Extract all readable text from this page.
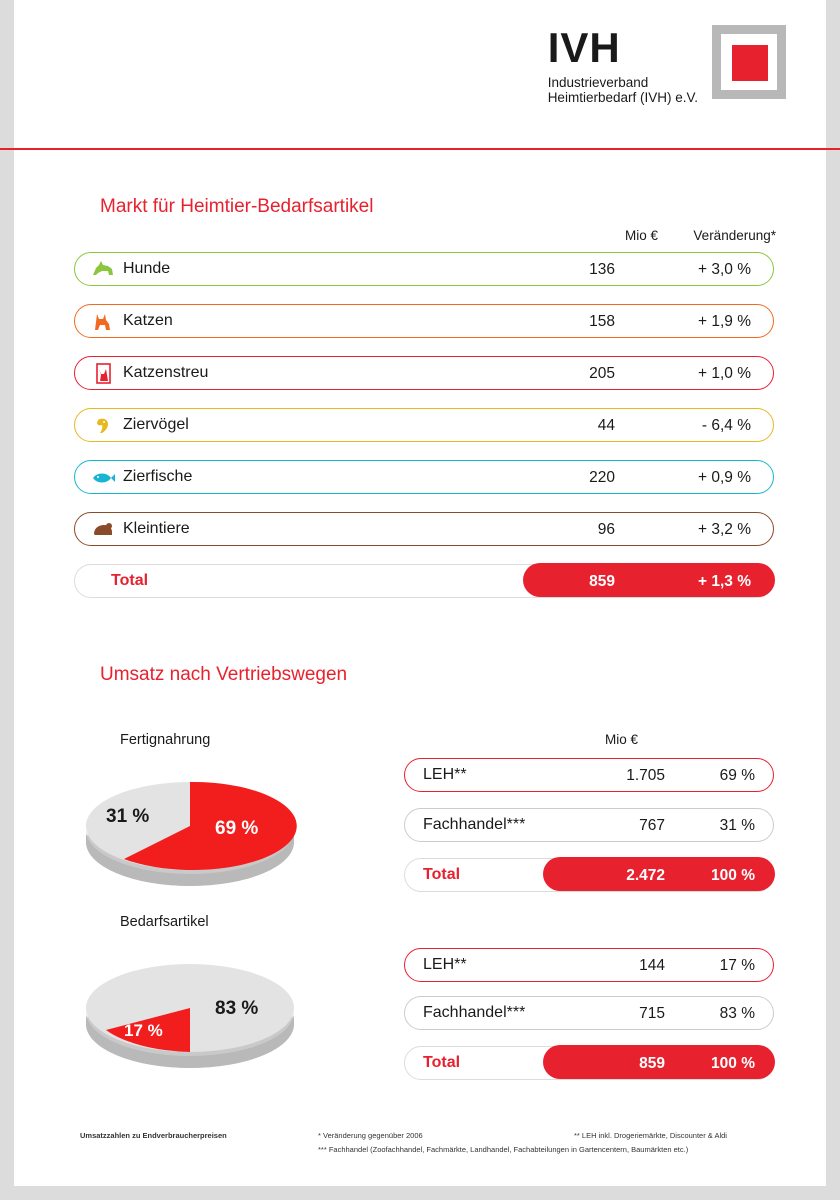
IVH
Industrieverband
Heimtierbedarf (IVH) e.V.
Markt für Heimtier-Bedarfsartikel
Mio €	Veränderung*
Hunde	136	+ 3,0 %
Katzen	158	+ 1,9 %
Katzenstreu	205	+ 1,0 %
Ziervögel	44	- 6,4 %
Zierfische	220	+ 0,9 %
Kleintiere	96	+ 3,2 %
Total	859	+ 1,3 %
Umsatz nach Vertriebswegen
Mio €
Fertignahrung
69 %
31 %
LEH**	1.705	69 %
Fachhandel***	767	31 %
Total	2.472	100 %
Bedarfsartikel
83 %
17 %
LEH**	144	17 %
Fachhandel***	715	83 %
Total	859	100 %
Umsatzzahlen zu Endverbraucherpreisen	* Veränderung gegenüber 2006
*** Fachhandel (Zoofachhandel, Fachmärkte, Landhandel, Fachabteilungen in Gartencentern, Baumärkten etc.)
** LEH inkl. Drogeriemärkte, Discounter & Aldi
